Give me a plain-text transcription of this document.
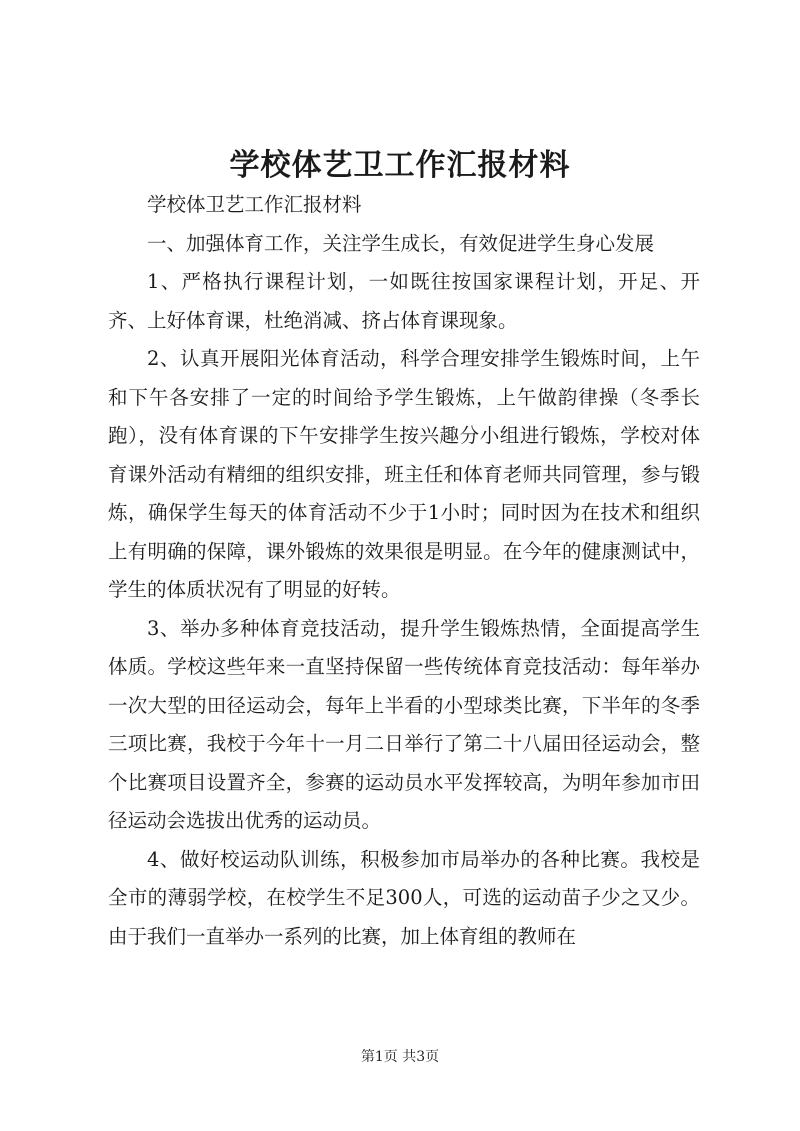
学校体艺卫工作汇报材料

学校体卫艺工作汇报材料

一、加强体育工作，关注学生成长，有效促进学生身心发展

1、严格执行课程计划，一如既往按国家课程计划，开足、开齐、上好体育课，杜绝消减、挤占体育课现象。

2、认真开展阳光体育活动，科学合理安排学生锻炼时间，上午和下午各安排了一定的时间给予学生锻炼，上午做韵律操（冬季长跑），没有体育课的下午安排学生按兴趣分小组进行锻炼，学校对体育课外活动有精细的组织安排，班主任和体育老师共同管理，参与锻炼，确保学生每天的体育活动不少于1小时；同时因为在技术和组织上有明确的保障，课外锻炼的效果很是明显。在今年的健康测试中，学生的体质状况有了明显的好转。

3、举办多种体育竞技活动，提升学生锻炼热情，全面提高学生体质。学校这些年来一直坚持保留一些传统体育竞技活动：每年举办一次大型的田径运动会，每年上半看的小型球类比赛，下半年的冬季三项比赛，我校于今年十一月二日举行了第二十八届田径运动会，整个比赛项目设置齐全，参赛的运动员水平发挥较高，为明年参加市田径运动会选拔出优秀的运动员。

4、做好校运动队训练，积极参加市局举办的各种比赛。我校是全市的薄弱学校，在校学生不足300人，可选的运动苗子少之又少。由于我们一直举办一系列的比赛，加上体育组的教师在

第1页 共3页
